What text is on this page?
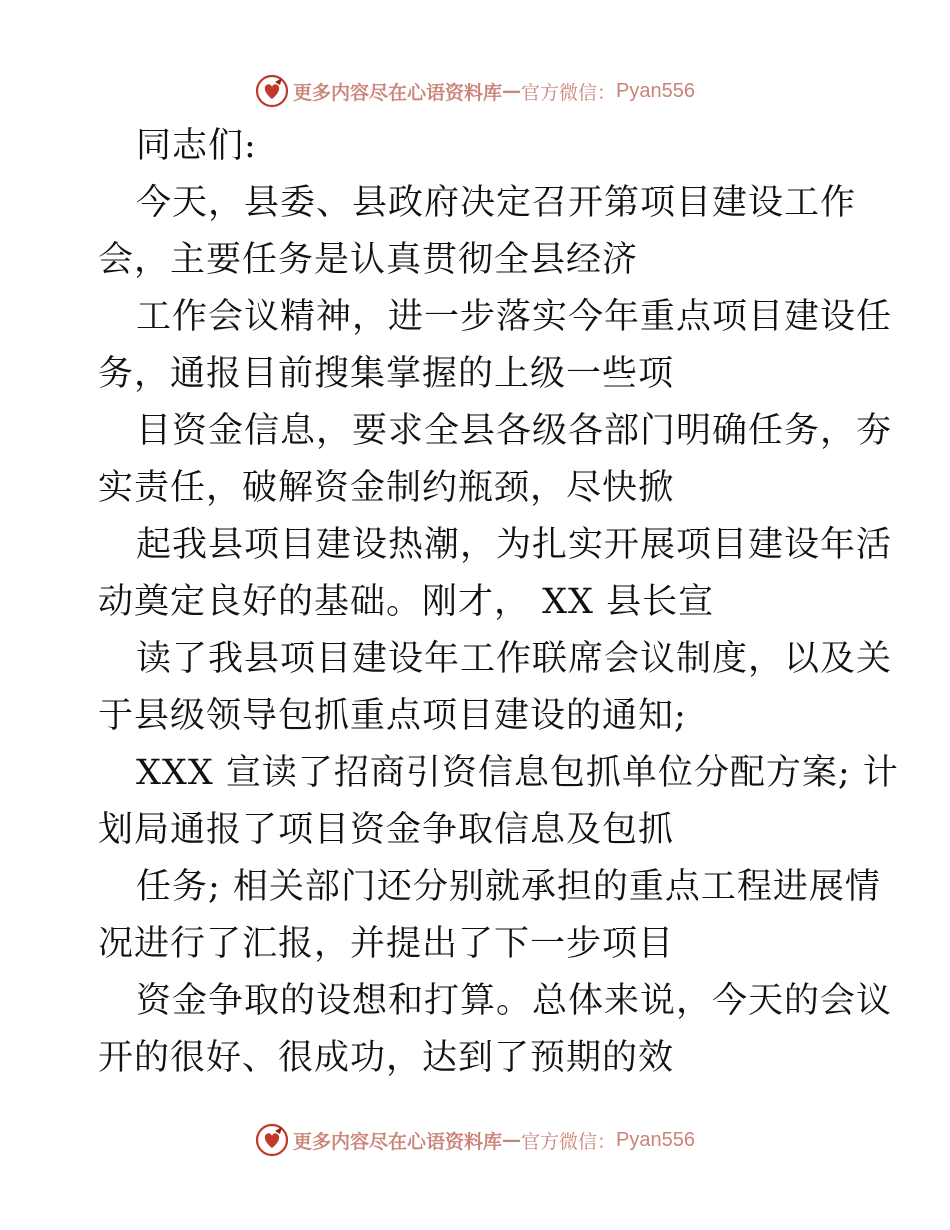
更多内容尽在心语资料库 — 官方微信： Pyan556
同志们:
今天，县委、县政府决定召开第项目建设工作
会，主要任务是认真贯彻全县经济
工作会议精神，进一步落实今年重点项目建设任
务，通报目前搜集掌握的上级一些项
目资金信息，要求全县各级各部门明确任务，夯
实责任，破解资金制约瓶颈，尽快掀
起我县项目建设热潮，为扎实开展项目建设年活
动奠定良好的基础。刚才， XX 县长宣
读了我县项目建设年工作联席会议制度，以及关
于县级领导包抓重点项目建设的通知;
XXX 宣读了招商引资信息包抓单位分配方案; 计
划局通报了项目资金争取信息及包抓
任务; 相关部门还分别就承担的重点工程进展情
况进行了汇报，并提出了下一步项目
资金争取的设想和打算。总体来说，今天的会议
开的很好、很成功，达到了预期的效
更多内容尽在心语资料库 — 官方微信： Pyan556
